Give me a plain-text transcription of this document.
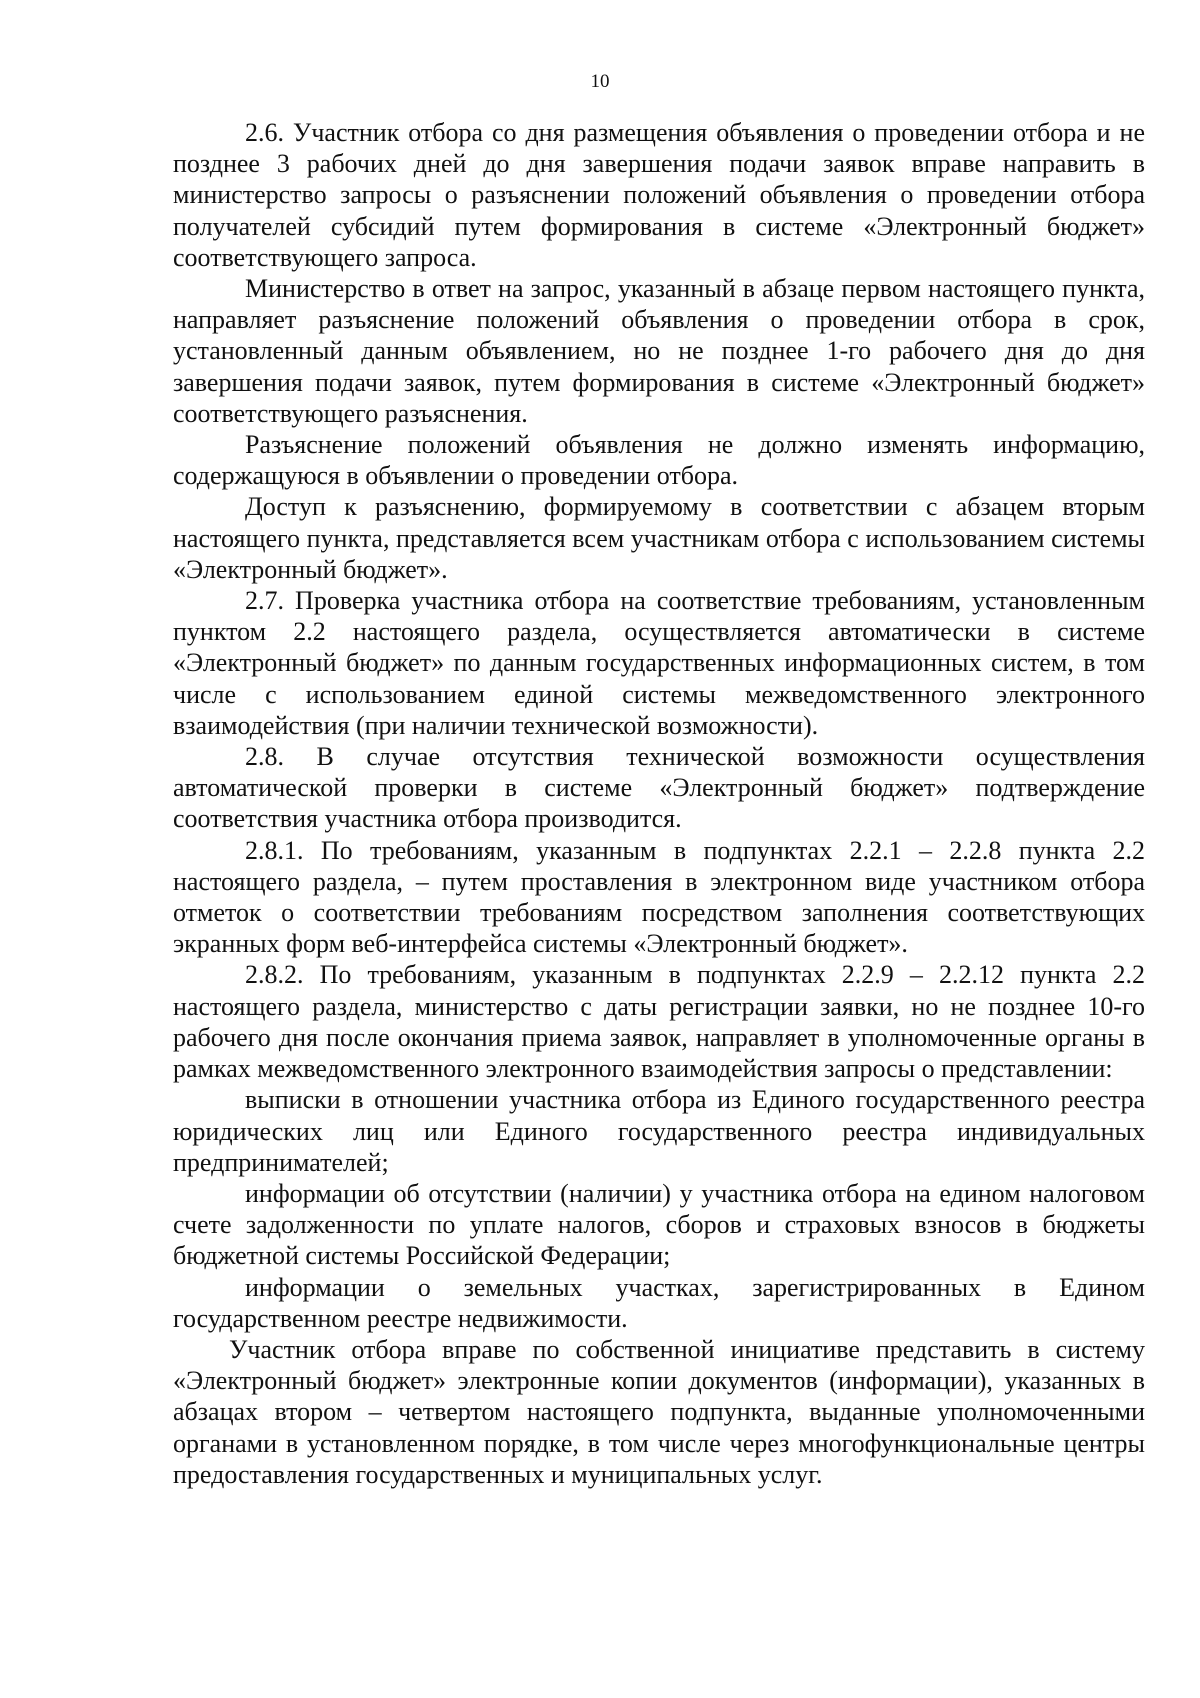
10

2.6. Участник отбора со дня размещения объявления о проведении отбора и не позднее 3 рабочих дней до дня завершения подачи заявок вправе направить в министерство запросы о разъяснении положений объявления о проведении отбора получателей субсидий путем формирования в системе «Электронный бюджет» соответствующего запроса.

Министерство в ответ на запрос, указанный в абзаце первом настоящего пункта, направляет разъяснение положений объявления о проведении отбора в срок, установленный данным объявлением, но не позднее 1-го рабочего дня до дня завершения подачи заявок, путем формирования в системе «Электронный бюджет» соответствующего разъяснения.

Разъяснение положений объявления не должно изменять информацию, содержащуюся в объявлении о проведении отбора.

Доступ к разъяснению, формируемому в соответствии с абзацем вторым настоящего пункта, представляется всем участникам отбора с использованием системы «Электронный бюджет».

2.7. Проверка участника отбора на соответствие требованиям, установленным пунктом 2.2 настоящего раздела, осуществляется автоматически в системе «Электронный бюджет» по данным государственных информационных систем, в том числе с использованием единой системы межведомственного электронного взаимодействия (при наличии технической возможности).

2.8. В случае отсутствия технической возможности осуществления автоматической проверки в системе «Электронный бюджет» подтверждение соответствия участника отбора производится.

2.8.1. По требованиям, указанным в подпунктах 2.2.1 – 2.2.8 пункта 2.2 настоящего раздела, – путем проставления в электронном виде участником отбора отметок о соответствии требованиям посредством заполнения соответствующих экранных форм веб-интерфейса системы «Электронный бюджет».

2.8.2. По требованиям, указанным в подпунктах 2.2.9 – 2.2.12 пункта 2.2 настоящего раздела, министерство с даты регистрации заявки, но не позднее 10-го рабочего дня после окончания приема заявок, направляет в уполномоченные органы в рамках межведомственного электронного взаимодействия запросы о представлении:

выписки в отношении участника отбора из Единого государственного реестра юридических лиц или Единого государственного реестра индивидуальных предпринимателей;

информации об отсутствии (наличии) у участника отбора на едином налоговом счете задолженности по уплате налогов, сборов и страховых взносов в бюджеты бюджетной системы Российской Федерации;

информации о земельных участках, зарегистрированных в Едином государственном реестре недвижимости.

Участник отбора вправе по собственной инициативе представить в систему «Электронный бюджет» электронные копии документов (информации), указанных в абзацах втором – четвертом настоящего подпункта, выданные уполномоченными органами в установленном порядке, в том числе через многофункциональные центры предоставления государственных и муниципальных услуг.
